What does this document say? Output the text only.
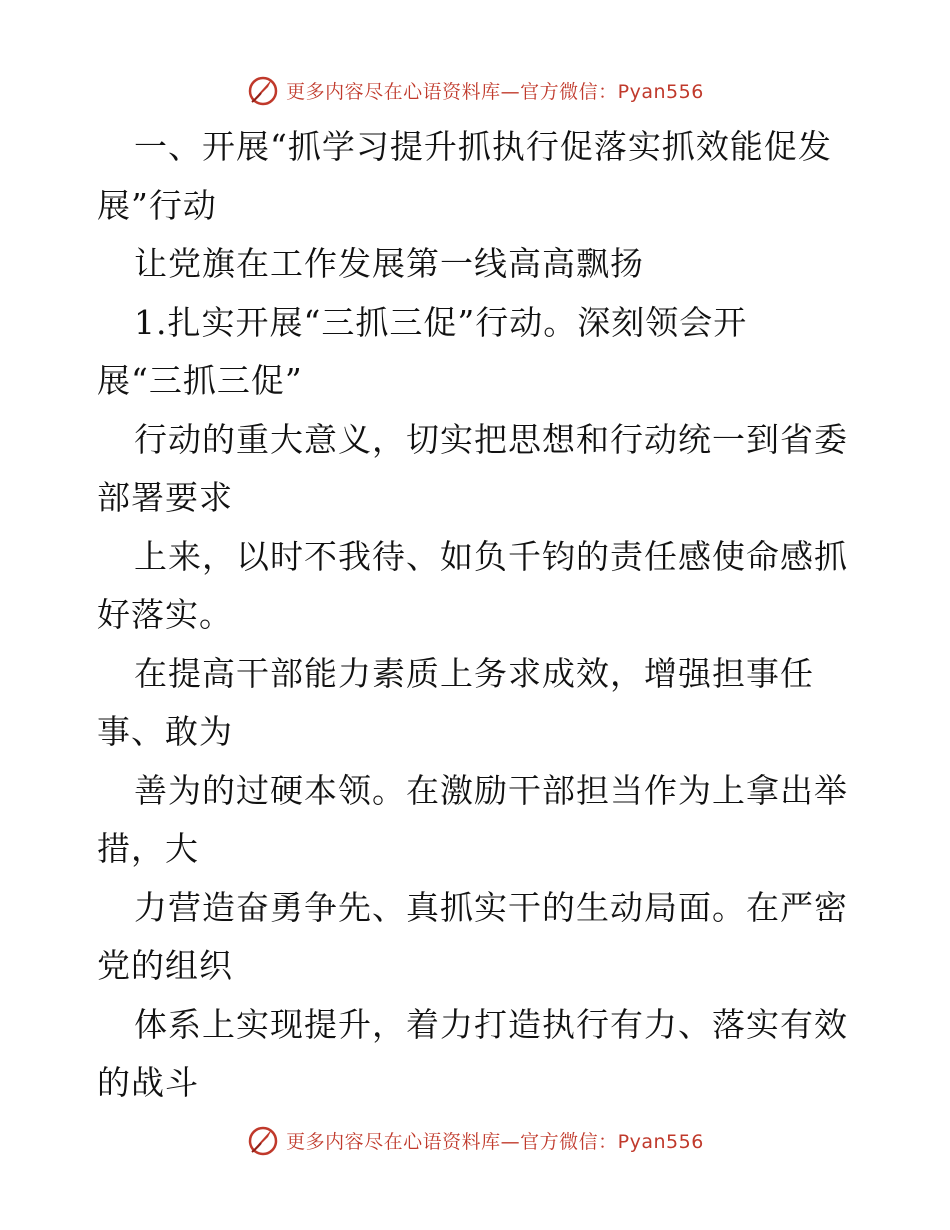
更多内容尽在心语资料库—官方微信：Pyan556
一、开展“抓学习提升抓执行促落实抓效能促发
展”行动
让党旗在工作发展第一线高高飘扬
1.扎实开展“三抓三促”行动。深刻领会开
展“三抓三促”
行动的重大意义，切实把思想和行动统一到省委
部署要求
上来，以时不我待、如负千钧的责任感使命感抓
好落实。
在提高干部能力素质上务求成效，增强担事任
事、敢为
善为的过硬本领。在激励干部担当作为上拿出举
措，大
力营造奋勇争先、真抓实干的生动局面。在严密
党的组织
体系上实现提升，着力打造执行有力、落实有效
的战斗
更多内容尽在心语资料库—官方微信：Pyan556
